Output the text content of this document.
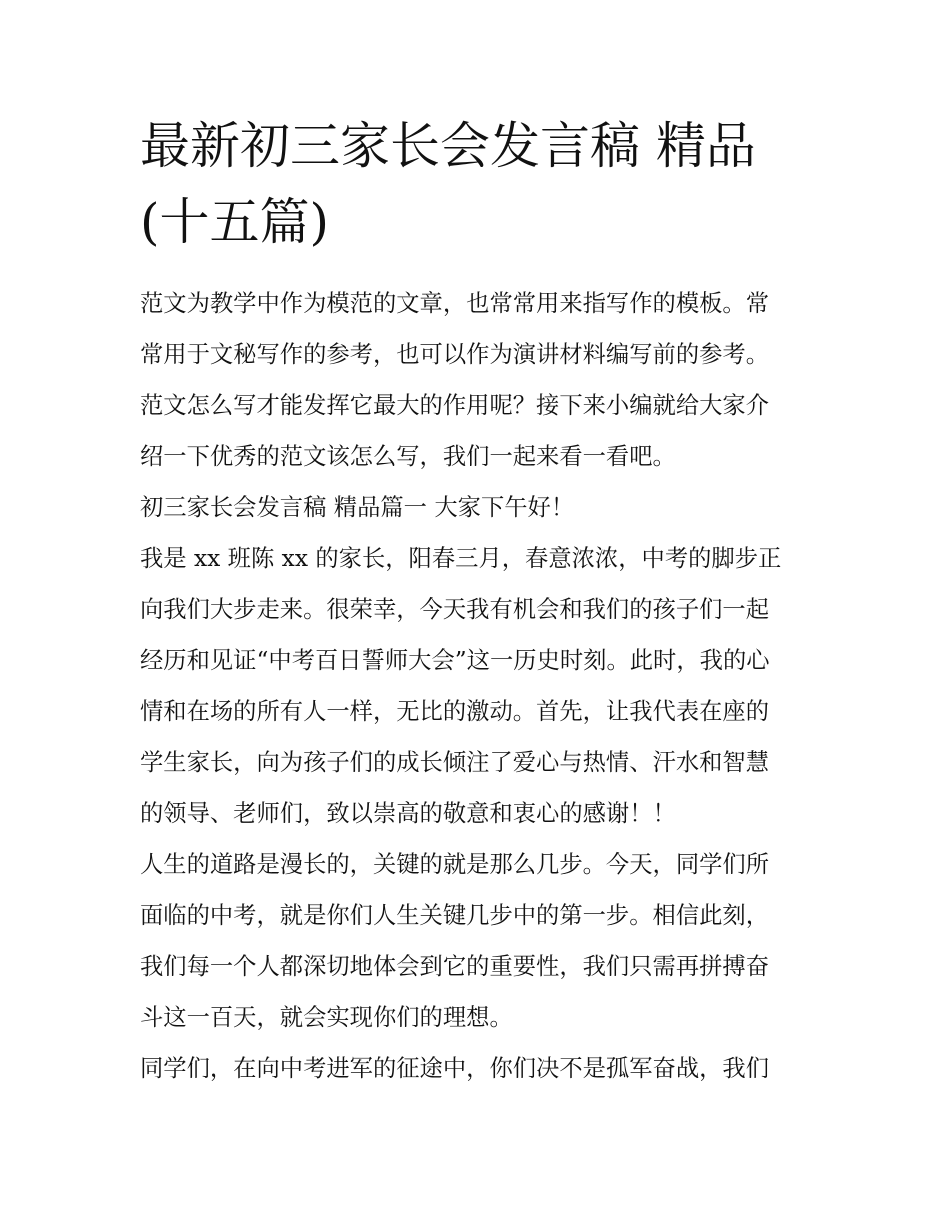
最新初三家长会发言稿 精品
(十五篇)
范文为教学中作为模范的文章，也常常用来指写作的模板。常
常用于文秘写作的参考，也可以作为演讲材料编写前的参考。
范文怎么写才能发挥它最大的作用呢？接下来小编就给大家介
绍一下优秀的范文该怎么写，我们一起来看一看吧。
初三家长会发言稿 精品篇一 大家下午好！
我是 xx 班陈 xx 的家长，阳春三月，春意浓浓，中考的脚步正
向我们大步走来。很荣幸，今天我有机会和我们的孩子们一起
经历和见证“中考百日誓师大会”这一历史时刻。此时，我的心
情和在场的所有人一样，无比的激动。首先，让我代表在座的
学生家长，向为孩子们的成长倾注了爱心与热情、汗水和智慧
的领导、老师们，致以崇高的敬意和衷心的感谢！！
人生的道路是漫长的，关键的就是那么几步。今天，同学们所
面临的中考，就是你们人生关键几步中的第一步。相信此刻，
我们每一个人都深切地体会到它的重要性，我们只需再拼搏奋
斗这一百天，就会实现你们的理想。
同学们，在向中考进军的征途中，你们决不是孤军奋战，我们
